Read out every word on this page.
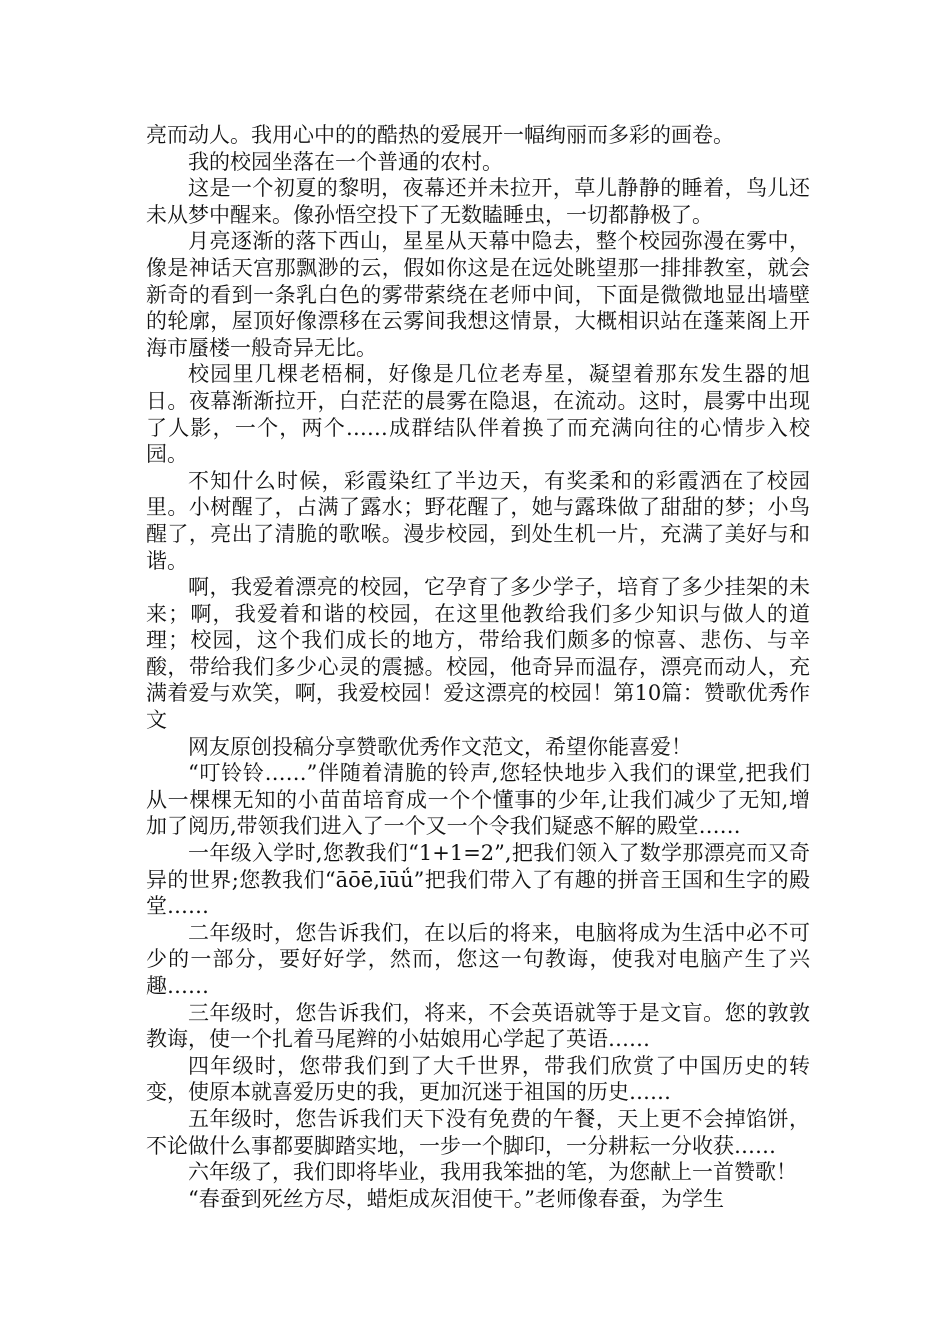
亮而动人。我用心中的的酷热的爱展开一幅绚丽而多彩的画卷。

我的校园坐落在一个普通的农村。

这是一个初夏的黎明，夜幕还并未拉开，草儿静静的睡着，鸟儿还未从梦中醒来。像孙悟空投下了无数瞌睡虫，一切都静极了。

月亮逐渐的落下西山，星星从天幕中隐去，整个校园弥漫在雾中，像是神话天宫那飘渺的云，假如你这是在远处眺望那一排排教室，就会新奇的看到一条乳白色的雾带萦绕在老师中间，下面是微微地显出墙壁的轮廓，屋顶好像漂移在云雾间我想这情景，大概相识站在蓬莱阁上开海市蜃楼一般奇异无比。

校园里几棵老梧桐，好像是几位老寿星，凝望着那东发生器的旭日。夜幕渐渐拉开，白茫茫的晨雾在隐退，在流动。这时，晨雾中出现了人影，一个，两个……成群结队伴着换了而充满向往的心情步入校园。

不知什么时候，彩霞染红了半边天，有奖柔和的彩霞洒在了校园里。小树醒了，占满了露水；野花醒了，她与露珠做了甜甜的梦；小鸟醒了，亮出了清脆的歌喉。漫步校园，到处生机一片，充满了美好与和谐。

啊，我爱着漂亮的校园，它孕育了多少学子，培育了多少挂架的未来；啊，我爱着和谐的校园，在这里他教给我们多少知识与做人的道理；校园，这个我们成长的地方，带给我们颇多的惊喜、悲伤、与辛酸，带给我们多少心灵的震撼。校园，他奇异而温存，漂亮而动人，充满着爱与欢笑，啊，我爱校园！爱这漂亮的校园！第10篇：赞歌优秀作文

网友原创投稿分享赞歌优秀作文范文，希望你能喜爱！

“叮铃铃……”伴随着清脆的铃声,您轻快地步入我们的课堂,把我们从一棵棵无知的小苗苗培育成一个个懂事的少年,让我们减少了无知,增加了阅历,带领我们进入了一个又一个令我们疑惑不解的殿堂……

一年级入学时,您教我们“1+1=2”,把我们领入了数学那漂亮而又奇异的世界;您教我们“āōē,īūǘ”把我们带入了有趣的拼音王国和生字的殿堂……

二年级时，您告诉我们，在以后的将来，电脑将成为生活中必不可少的一部分，要好好学，然而，您这一句教诲，使我对电脑产生了兴趣……

三年级时，您告诉我们，将来，不会英语就等于是文盲。您的敦敦教诲，使一个扎着马尾辫的小姑娘用心学起了英语……

四年级时，您带我们到了大千世界，带我们欣赏了中国历史的转变，使原本就喜爱历史的我，更加沉迷于祖国的历史……

五年级时，您告诉我们天下没有免费的午餐，天上更不会掉馅饼，不论做什么事都要脚踏实地，一步一个脚印，一分耕耘一分收获……

六年级了，我们即将毕业，我用我笨拙的笔，为您献上一首赞歌！

“春蚕到死丝方尽，蜡炬成灰泪使干。”老师像春蚕，为学生
